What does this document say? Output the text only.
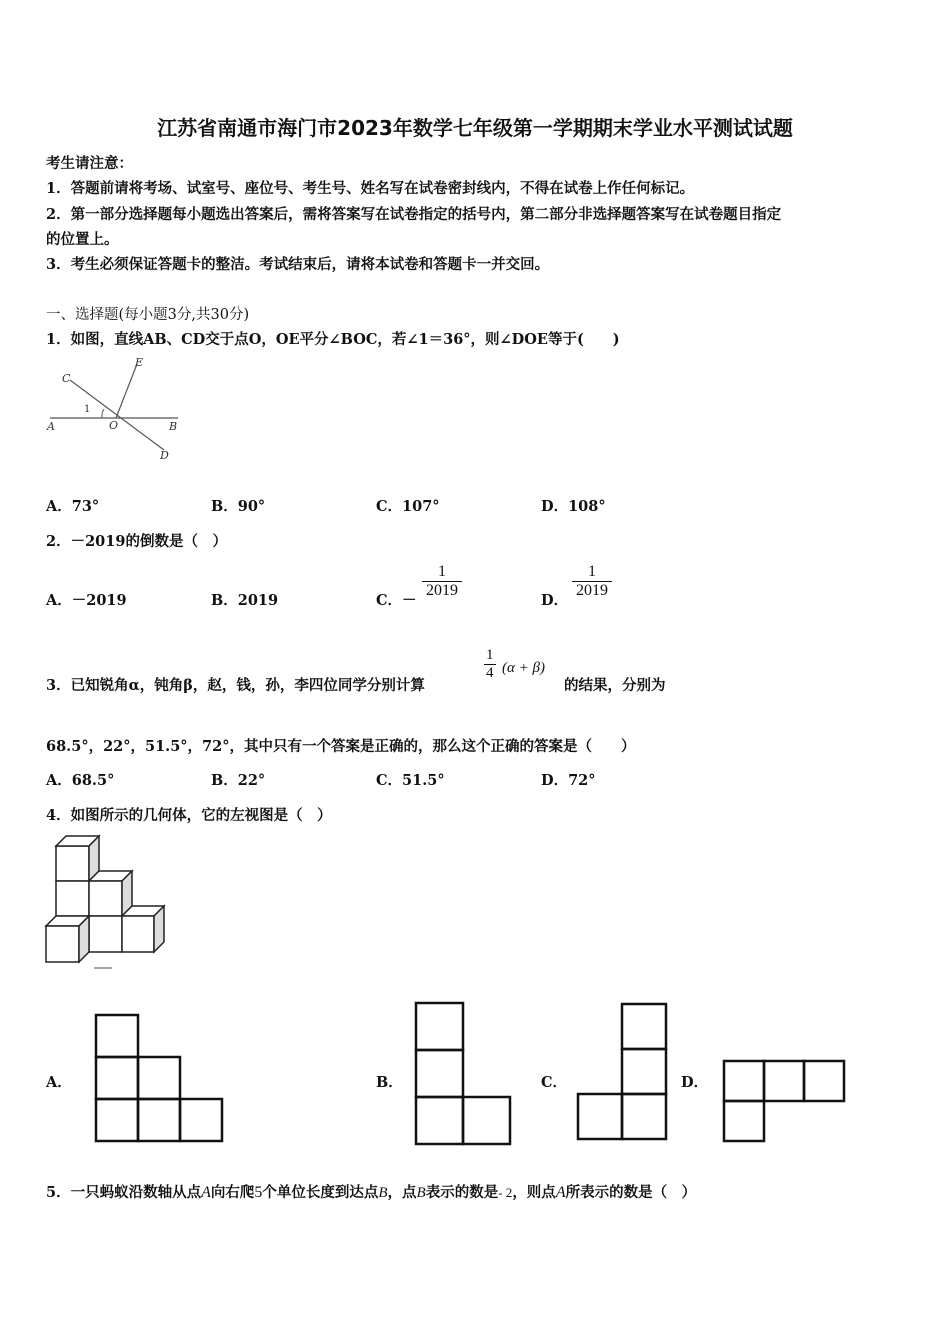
江苏省南通市海门市2023年数学七年级第一学期期末学业水平测试试题
考生请注意：
1．答题前请将考场、试室号、座位号、考生号、姓名写在试卷密封线内，不得在试卷上作任何标记。
2．第一部分选择题每小题选出答案后，需将答案写在试卷指定的括号内，第二部分非选择题答案写在试卷题目指定
的位置上。
3．考生必须保证答题卡的整洁。考试结束后，请将本试卷和答题卡一并交回。
一、选择题(每小题3分,共30分)
1．如图，直线AB、CD交于点O，OE平分∠BOC，若∠1＝36°，则∠DOE等于(　　)
C
E
1
A	O	B
D
A．73°	B．90°	C．107°	D．108°
2．－2019的倒数是（　）
A．－2019	B．2019	C．－
1
2019
D．
1
2019
3．已知锐角α，钝角β，赵，钱，孙，李四位同学分别计算
1
4 (α + β)
的结果，分别为
68.5°，22°，51.5°，72°，其中只有一个答案是正确的，那么这个正确的答案是（　　）
A．68.5°	B．22°	C．51.5°	D．72°
4．如图所示的几何体，它的左视图是（　）
A．	B．	C．	D．
5．一只蚂蚁沿数轴从点A向右爬5个单位长度到达点B，点B表示的数是- 2，则点A所表示的数是（　）
